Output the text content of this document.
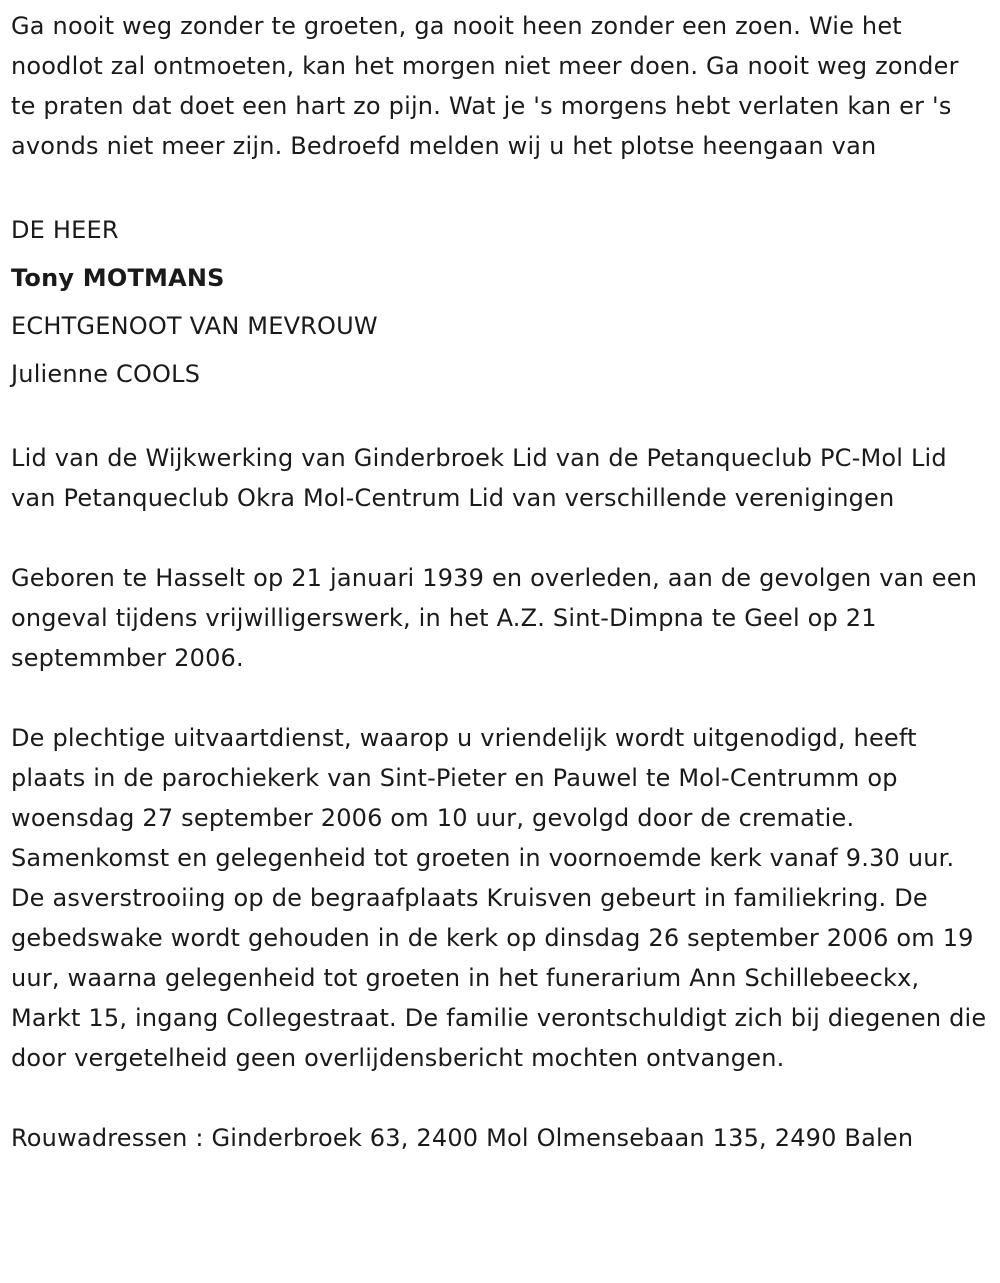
Ga nooit weg zonder te groeten, ga nooit heen zonder een zoen. Wie het noodlot zal ontmoeten, kan het morgen niet meer doen. Ga nooit weg zonder te praten dat doet een hart zo pijn. Wat je 's morgens hebt verlaten kan er 's avonds niet meer zijn. Bedroefd melden wij u het plotse heengaan van

DE HEER
Tony MOTMANS
ECHTGENOOT VAN MEVROUW
Julienne COOLS

Lid van de Wijkwerking van Ginderbroek Lid van de Petanqueclub PC-Mol Lid van Petanqueclub Okra Mol-Centrum Lid van verschillende verenigingen

Geboren te Hasselt op 21 januari 1939 en overleden, aan de gevolgen van een ongeval tijdens vrijwilligerswerk, in het A.Z. Sint-Dimpna te Geel op 21 septemmber 2006.

De plechtige uitvaartdienst, waarop u vriendelijk wordt uitgenodigd, heeft plaats in de parochiekerk van Sint-Pieter en Pauwel te Mol-Centrumm op woensdag 27 september 2006 om 10 uur, gevolgd door de crematie. Samenkomst en gelegenheid tot groeten in voornoemde kerk vanaf 9.30 uur. De asverstrooiing op de begraafplaats Kruisven gebeurt in familiekring. De gebedswake wordt gehouden in de kerk op dinsdag 26 september 2006 om 19 uur, waarna gelegenheid tot groeten in het funerarium Ann Schillebeeckx, Markt 15, ingang Collegestraat. De familie verontschuldigt zich bij diegenen die door vergetelheid geen overlijdensbericht mochten ontvangen.

Rouwadressen : Ginderbroek 63, 2400 Mol Olmensebaan 135, 2490 Balen
